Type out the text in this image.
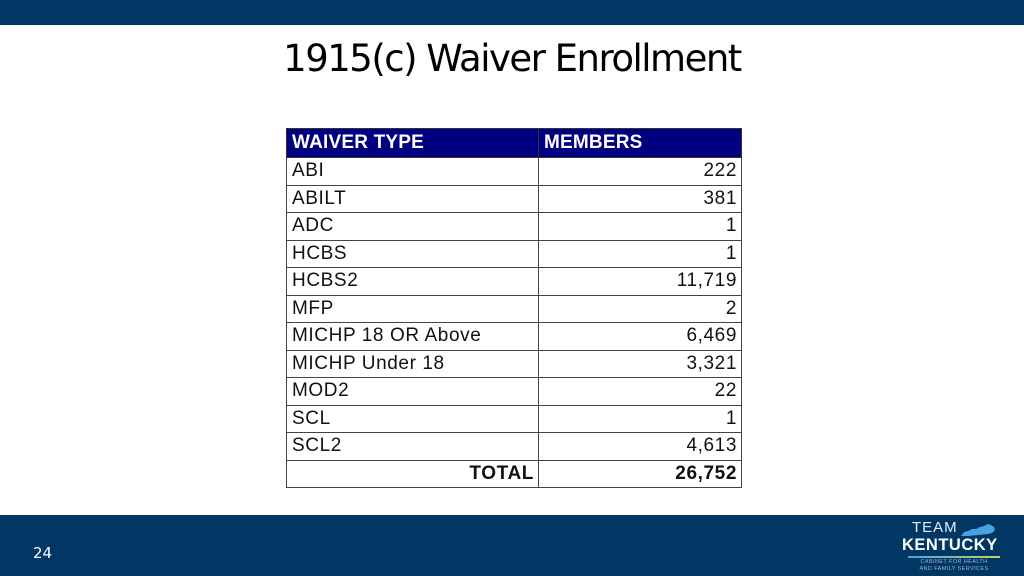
1915(c) Waiver Enrollment
WAIVER TYPE	MEMBERS
ABI	222
ABILT	381
ADC	1
HCBS	1
HCBS2	11,719
MFP	2
MICHP 18 OR Above	6,469
MICHP Under 18	3,321
MOD2	22
SCL	1
SCL2	4,613
TOTAL	26,752
24
TEAM
KENTUCKY
CABINET FOR HEALTH
AND FAMILY SERVICES
